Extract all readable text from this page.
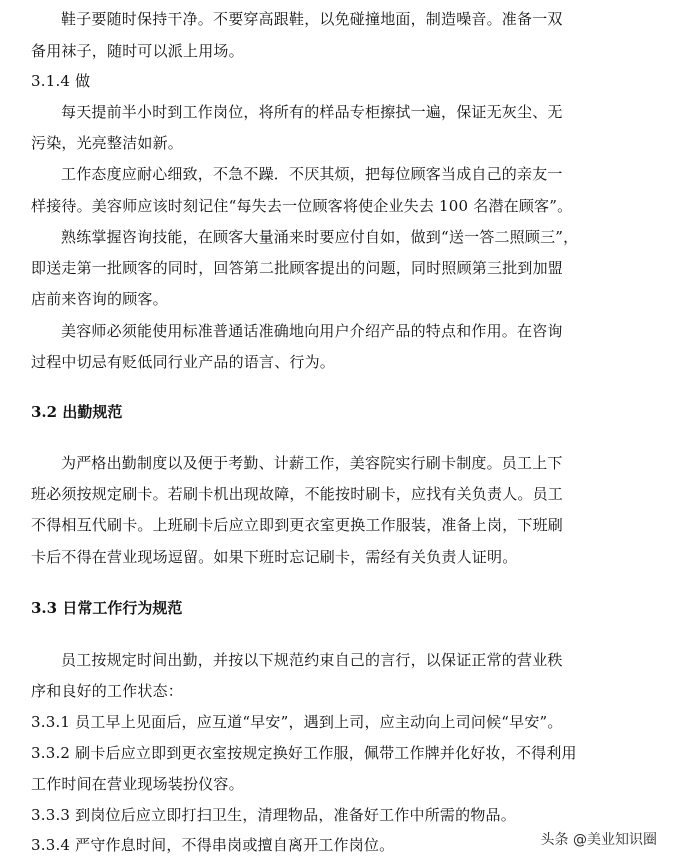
鞋子要随时保持干净。不要穿高跟鞋，以免碰撞地面，制造噪音。准备一双
备用袜子，随时可以派上用场。
3.1.4 做
每天提前半小时到工作岗位，将所有的样品专柜擦拭一遍，保证无灰尘、无
污染，光亮整洁如新。
工作态度应耐心细致，不急不躁．不厌其烦，把每位顾客当成自己的亲友一
样接待。美容师应该时刻记住“每失去一位顾客将使企业失去 100 名潜在顾客”。
熟练掌握咨询技能，在顾客大量涌来时要应付自如，做到“送一答二照顾三”，
即送走第一批顾客的同时，回答第二批顾客提出的问题，同时照顾第三批到加盟
店前来咨询的顾客。
美容师必须能使用标准普通话准确地向用户介绍产品的特点和作用。在咨询
过程中切忌有贬低同行业产品的语言、行为。
3.2 出勤规范
为严格出勤制度以及便于考勤、计薪工作，美容院实行刷卡制度。员工上下
班必须按规定刷卡。若刷卡机出现故障，不能按时刷卡，应找有关负责人。员工
不得相互代刷卡。上班刷卡后应立即到更衣室更换工作服装，准备上岗，下班刷
卡后不得在营业现场逗留。如果下班时忘记刷卡，需经有关负责人证明。
3.3 日常工作行为规范
员工按规定时间出勤，并按以下规范约束自己的言行，以保证正常的营业秩
序和良好的工作状态：
3.3.1 员工早上见面后，应互道“早安”，遇到上司，应主动向上司问候“早安”。
3.3.2 刷卡后应立即到更衣室按规定换好工作服，佩带工作牌并化好妆，不得利用
工作时间在营业现场装扮仪容。
3.3.3 到岗位后应立即打扫卫生，清理物品，准备好工作中所需的物品。
3.3.4 严守作息时间，不得串岗或擅自离开工作岗位。	头条 @美业知识圈
